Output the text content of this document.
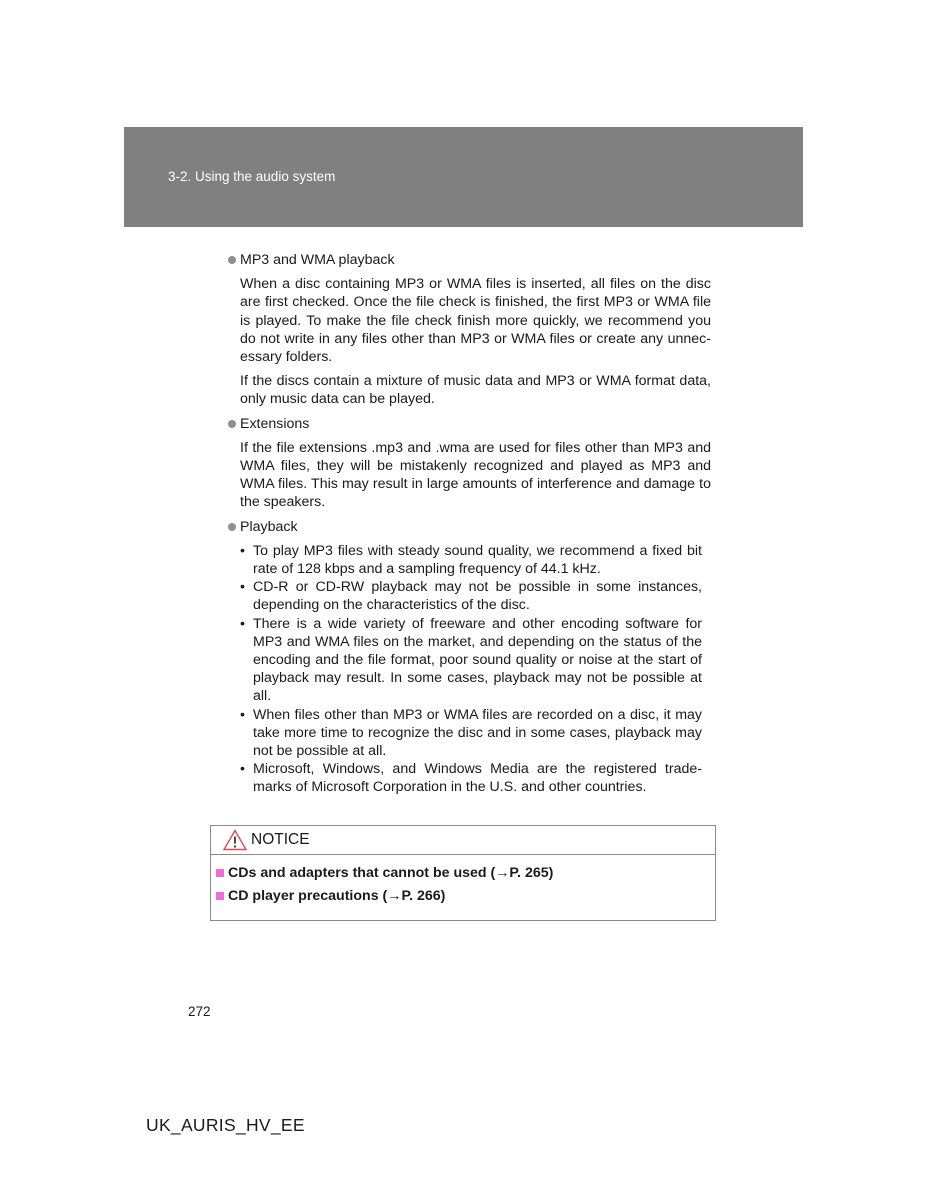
3-2. Using the audio system
MP3 and WMA playback

When a disc containing MP3 or WMA files is inserted, all files on the disc are first checked. Once the file check is finished, the first MP3 or WMA file is played. To make the file check finish more quickly, we recommend you do not write in any files other than MP3 or WMA files or create any unnec-essary folders.

If the discs contain a mixture of music data and MP3 or WMA format data, only music data can be played.

Extensions

If the file extensions .mp3 and .wma are used for files other than MP3 and WMA files, they will be mistakenly recognized and played as MP3 and WMA files. This may result in large amounts of interference and damage to the speakers.

Playback
• To play MP3 files with steady sound quality, we recommend a fixed bit rate of 128 kbps and a sampling frequency of 44.1 kHz.
• CD-R or CD-RW playback may not be possible in some instances, depending on the characteristics of the disc.
• There is a wide variety of freeware and other encoding software for MP3 and WMA files on the market, and depending on the status of the encoding and the file format, poor sound quality or noise at the start of playback may result. In some cases, playback may not be possible at all.
• When files other than MP3 or WMA files are recorded on a disc, it may take more time to recognize the disc and in some cases, playback may not be possible at all.
• Microsoft, Windows, and Windows Media are the registered trade-marks of Microsoft Corporation in the U.S. and other countries.
NOTICE
CDs and adapters that cannot be used (→P. 265)
CD player precautions (→P. 266)
272
UK_AURIS_HV_EE
